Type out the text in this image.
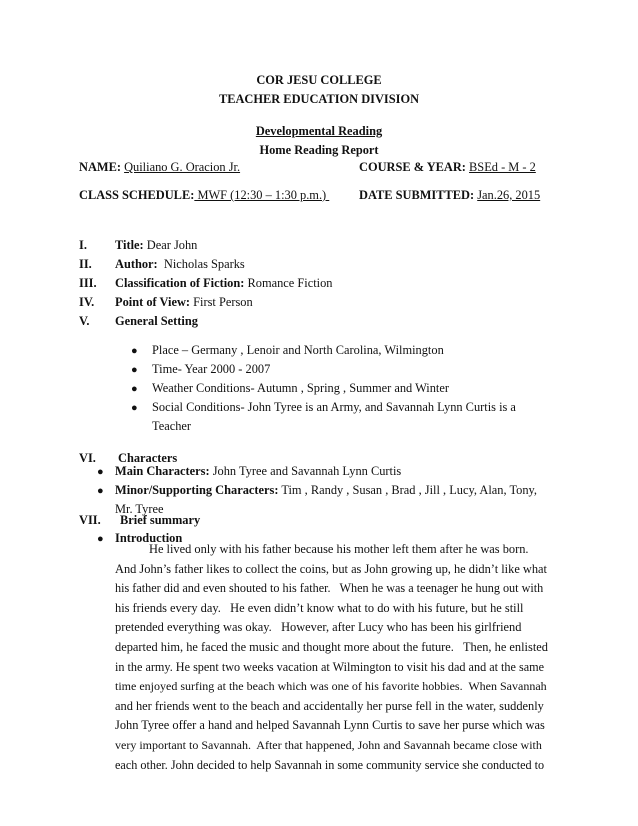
COR JESU COLLEGE
TEACHER EDUCATION DIVISION
Developmental Reading
Home Reading Report
NAME: Quiliano G. Oracion Jr.	COURSE & YEAR: BSEd - M - 2
CLASS SCHEDULE: MWF (12:30 – 1:30 p.m.) DATE SUBMITTED: Jan.26, 2015
I. Title: Dear John
II. Author:  Nicholas Sparks
III. Classification of Fiction: Romance Fiction
IV. Point of View: First Person
V. General Setting
● Place – Germany , Lenoir and North Carolina, Wilmington
● Time- Year 2000 - 2007
● Weather Conditions- Autumn , Spring , Summer and Winter
● Social Conditions- John Tyree is an Army, and Savannah Lynn Curtis is a
Teacher
VI. Characters
● Main Characters: John Tyree and Savannah Lynn Curtis
● Minor/Supporting Characters: Tim , Randy , Susan , Brad , Jill , Lucy, Alan, Tony,
Mr. Tyree
VII. Brief summary
● Introduction
He lived only with his father because his mother left them after he was born.
And John’s father likes to collect the coins, but as John growing up, he didn’t like what
his father did and even shouted to his father.   When he was a teenager he hung out with
his friends every day.   He even didn’t know what to do with his future, but he still
pretended everything was okay.   However, after Lucy who has been his girlfriend
departed him, he faced the music and thought more about the future.   Then, he enlisted
in the army. He spent two weeks vacation at Wilmington to visit his dad and at the same
time enjoyed surfing at the beach which was one of his favorite hobbies.  When Savannah
and her friends went to the beach and accidentally her purse fell in the water, suddenly
John Tyree offer a hand and helped Savannah Lynn Curtis to save her purse which was
very important to Savannah.  After that happened, John and Savannah became close with
each other. John decided to help Savannah in some community service she conducted to
